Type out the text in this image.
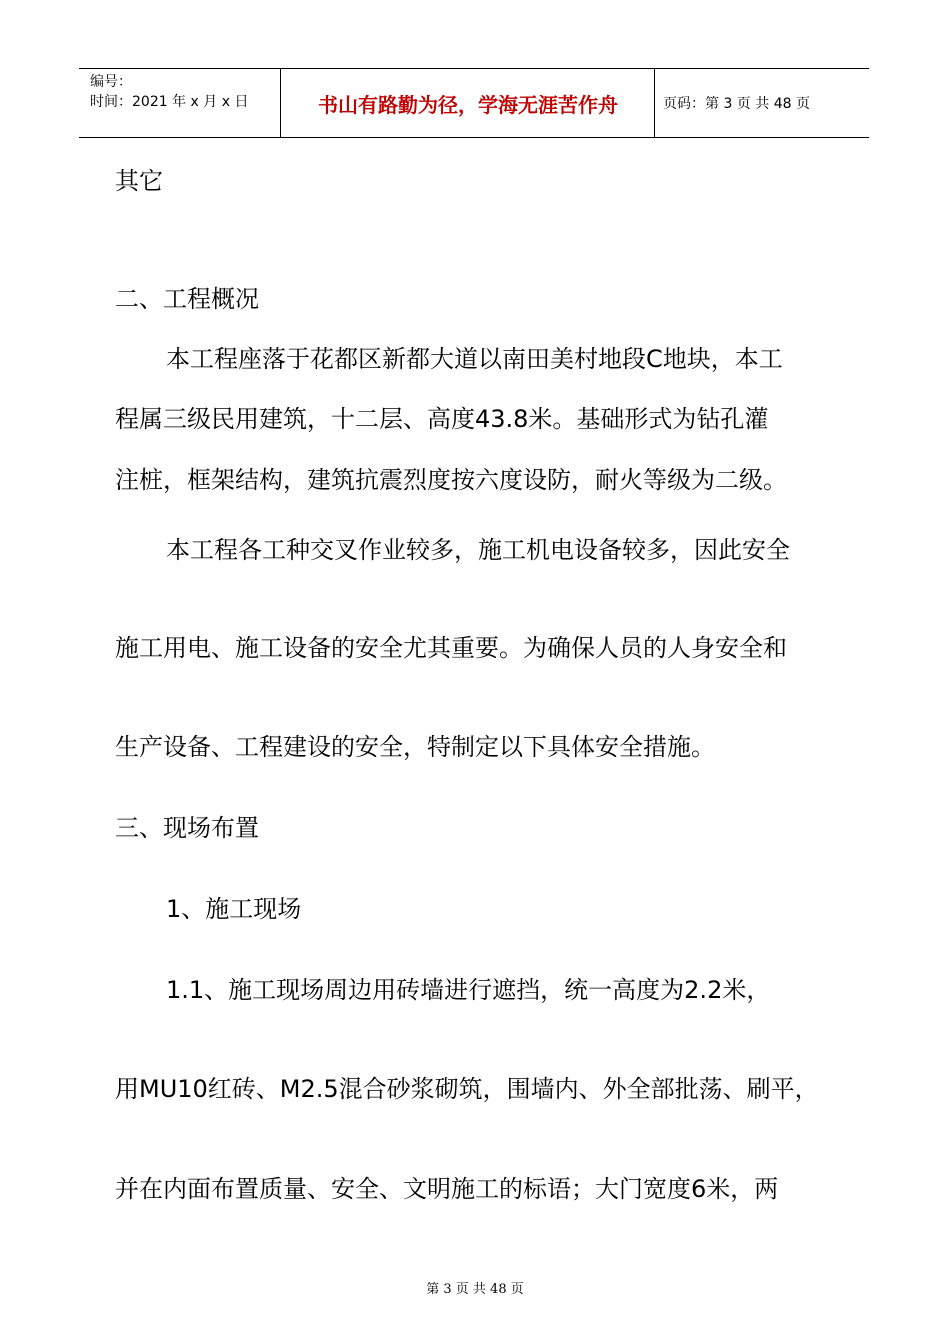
编号：
时间：2021 年 x 月 x 日	书山有路勤为径，学海无涯苦作舟	页码：第 3 页 共 48 页
其它
二、工程概况
本工程座落于花都区新都大道以南田美村地段C地块，本工
程属三级民用建筑，十二层、高度43.8米。基础形式为钻孔灌
注桩，框架结构，建筑抗震烈度按六度设防，耐火等级为二级。
本工程各工种交叉作业较多，施工机电设备较多，因此安全
施工用电、施工设备的安全尤其重要。为确保人员的人身安全和
生产设备、工程建设的安全，特制定以下具体安全措施。
三、现场布置
1、施工现场
1.1、施工现场周边用砖墙进行遮挡，统一高度为2.2米，
用MU10红砖、M2.5混合砂浆砌筑，围墙内、外全部批荡、刷平，
并在内面布置质量、安全、文明施工的标语；大门宽度6米，两
第 3 页 共 48 页
